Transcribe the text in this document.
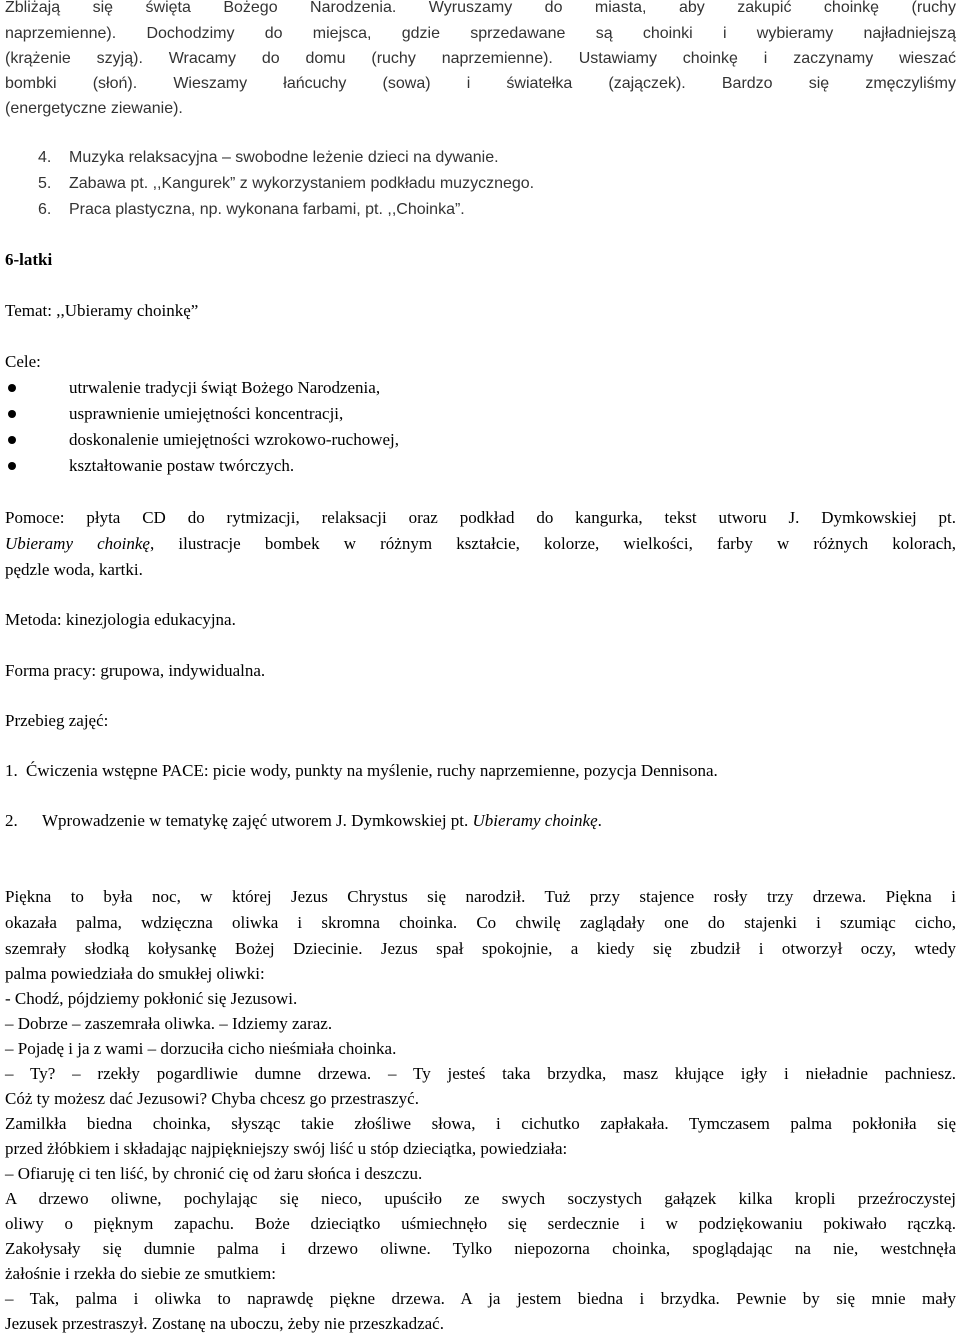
Zbliżają się święta Bożego Narodzenia. Wyruszamy do miasta, aby zakupić choinkę (ruchy
naprzemienne). Dochodzimy do miejsca, gdzie sprzedawane są choinki i wybieramy najładniejszą
(krążenie szyją). Wracamy do domu (ruchy naprzemienne). Ustawiamy choinkę i zaczynamy wieszać
bombki (słoń). Wieszamy łańcuchy (sowa) i światełka (zajączek). Bardzo się zmęczyliśmy
(energetyczne ziewanie).
4. Muzyka relaksacyjna – swobodne leżenie dzieci na dywanie.
5. Zabawa pt. ,,Kangurek” z wykorzystaniem podkładu muzycznego.
6. Praca plastyczna, np. wykonana farbami, pt. ,,Choinka”.
6-latki
Temat: ,,Ubieramy choinkę”
Cele:
utrwalenie tradycji świąt Bożego Narodzenia,
usprawnienie umiejętności koncentracji,
doskonalenie umiejętności wzrokowo-ruchowej,
kształtowanie postaw twórczych.
Pomoce: płyta CD do rytmizacji, relaksacji oraz podkład do kangurka, tekst utworu J. Dymkowskiej pt.
Ubieramy choinkę, ilustracje bombek w różnym kształcie, kolorze, wielkości, farby w różnych kolorach,
pędzle woda, kartki.
Metoda: kinezjologia edukacyjna.
Forma pracy: grupowa, indywidualna.
Przebieg zajęć:
1. Ćwiczenia wstępne PACE: picie wody, punkty na myślenie, ruchy naprzemienne, pozycja Dennisona.
2. Wprowadzenie w tematykę zajęć utworem J. Dymkowskiej pt. Ubieramy choinkę.
Piękna to była noc, w której Jezus Chrystus się narodził. Tuż przy stajence rosły trzy drzewa. Piękna i
okazała palma, wdzięczna oliwka i skromna choinka. Co chwilę zaglądały one do stajenki i szumiąc cicho,
szemrały słodką kołysankę Bożej Dziecinie. Jezus spał spokojnie, a kiedy się zbudził i otworzył oczy, wtedy
palma powiedziała do smukłej oliwki:
- Chodź, pójdziemy pokłonić się Jezusowi.
– Dobrze – zaszemrała oliwka. – Idziemy zaraz.
– Pojadę i ja z wami – dorzuciła cicho nieśmiała choinka.
– Ty? – rzekły pogardliwie dumne drzewa. – Ty jesteś taka brzydka, masz kłujące igły i nieładnie pachniesz.
Cóż ty możesz dać Jezusowi? Chyba chcesz go przestraszyć.
Zamilkła biedna choinka, słysząc takie złośliwe słowa, i cichutko zapłakała. Tymczasem palma pokłoniła się
przed żłóbkiem i składając najpiękniejszy swój liść u stóp dzieciątka, powiedziała:
– Ofiaruję ci ten liść, by chronić cię od żaru słońca i deszczu.
A drzewo oliwne, pochylając się nieco, upuściło ze swych soczystych gałązek kilka kropli przeźroczystej
oliwy o pięknym zapachu. Boże dzieciątko uśmiechnęło się serdecznie i w podziękowaniu pokiwało rączką.
Zakołysały się dumnie palma i drzewo oliwne. Tylko niepozorna choinka, spoglądając na nie, westchnęła
żałośnie i rzekła do siebie ze smutkiem:
– Tak, palma i oliwka to naprawdę piękne drzewa. A ja jestem biedna i brzydka. Pewnie by się mnie mały
Jezusek przestraszył. Zostanę na uboczu, żeby nie przeszkadzać.
